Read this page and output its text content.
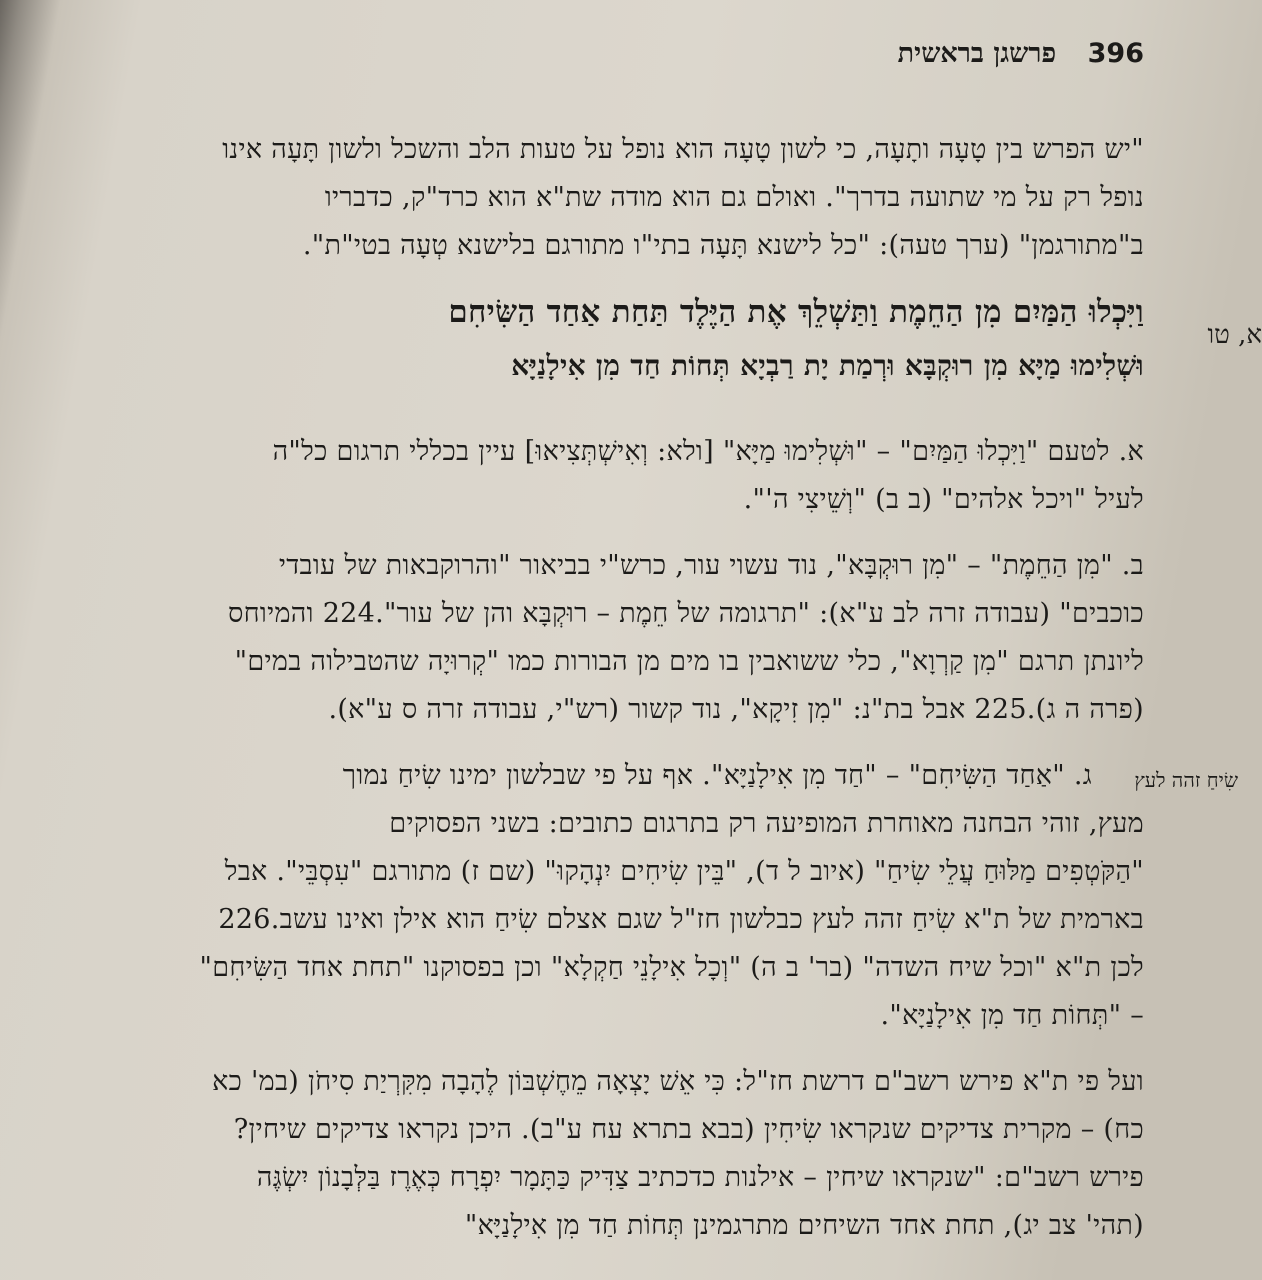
396 פרשגן בראשית
"יש הפרש בין טָעָה ותָעָה, כי לשון טָעָה הוא נופל על טעות הלב והשכל ולשון תָּעָה אינו
נופל רק על מי שתועה בדרך". ואולם גם הוא מודה שת"א הוא כרד"ק, כדבריו
ב"מתורגמן" (ערך טעה): "כל לישנא תָּעָה בתי"ו מתורגם בלישנא טְעָה בטי"ת".
א, טו
וַיִּכְלוּ הַמַּיִם מִן הַחֵמֶת וַתַּשְׁלֵךְ אֶת הַיֶּלֶד תַּחַת אַחַד הַשִּׂיחִם
וּשְׁלִימוּ מַיָּא מִן רוּקְבָּא וּרְמַת יָת רַבְיָא תְּחוֹת חַד מִן אִילָנַיָּא
א. לטעם "וַיִּכְלוּ הַמַּיִם" – "וּשְׁלִימוּ מַיָּא" [ולא: וְאִישְׁתְּצִיאוּ] עיין בכללי תרגום כל"ה
לעיל "ויכל אלהים" (ב ב) "וְשֵׁיצִי ה'".
ב. "מִן הַחֵמֶת" – "מִן רוּקְבָּא", נוד עשוי עור, כרש"י בביאור "והרוקבאות של עובדי
כוכבים" (עבודה זרה לב ע"א): "תרגומה של חֵמֶת – רוּקְבָּא והן של עור".224 והמיוחס
ליונתן תרגם "מִן קַרְוָא", כלי ששואבין בו מים מן הבורות כמו "קְרוּיָה שהטבילוה במים"
(פרה ה ג).225 אבל בת"נ: "מִן זִיקָא", נוד קשור (רש"י, עבודה זרה ס ע"א).
שִׂיחַ זהה לעץ
ג. "אַחַד הַשִּׂיחִם" – "חַד מִן אִילָנַיָּא". אף על פי שבלשון ימינו שִׂיחַ נמוך
מעץ, זוהי הבחנה מאוחרת המופיעה רק בתרגום כתובים: בשני הפסוקים
"הַקֹּטְפִים מַלּוּחַ עֲלֵי שִׂיחַ" (איוב ל ד), "בֵּין שִׂיחִים יִנְהָקוּ" (שם ז) מתורגם "עִסְבֵּי". אבל
בארמית של ת"א שִׂיחַ זהה לעץ כבלשון חז"ל שגם אצלם שִׂיחַ הוא אילן ואינו עשב.226
לכן ת"א "וכל שיח השדה" (בר' ב ה) "וְכָל אִילָנֵי חַקְלָא" וכן בפסוקנו "תחת אחד הַשִּׂיחִם"
– "תְּחוֹת חַד מִן אִילָנַיָּא".
ועל פי ת"א פירש רשב"ם דרשת חז"ל: כִּי אֵשׁ יָצְאָה מֵחֶשְׁבּוֹן לֶהָבָה מִקִּרְיַת סִיחֹן (במ' כא
כח) – מקרית צדיקים שנקראו שִׂיחִין (בבא בתרא עח ע"ב). היכן נקראו צדיקים שיחין?
פירש רשב"ם: "שנקראו שיחין – אילנות כדכתיב צַדִּיק כַּתָּמָר יִפְרָח כְּאֶרֶז בַּלְּבָנוֹן יִשְׂגֶּה
(תהי' צב יג), תחת אחד השיחים מתרגמינן תְּחוֹת חַד מִן אִילָנַיָּא"
